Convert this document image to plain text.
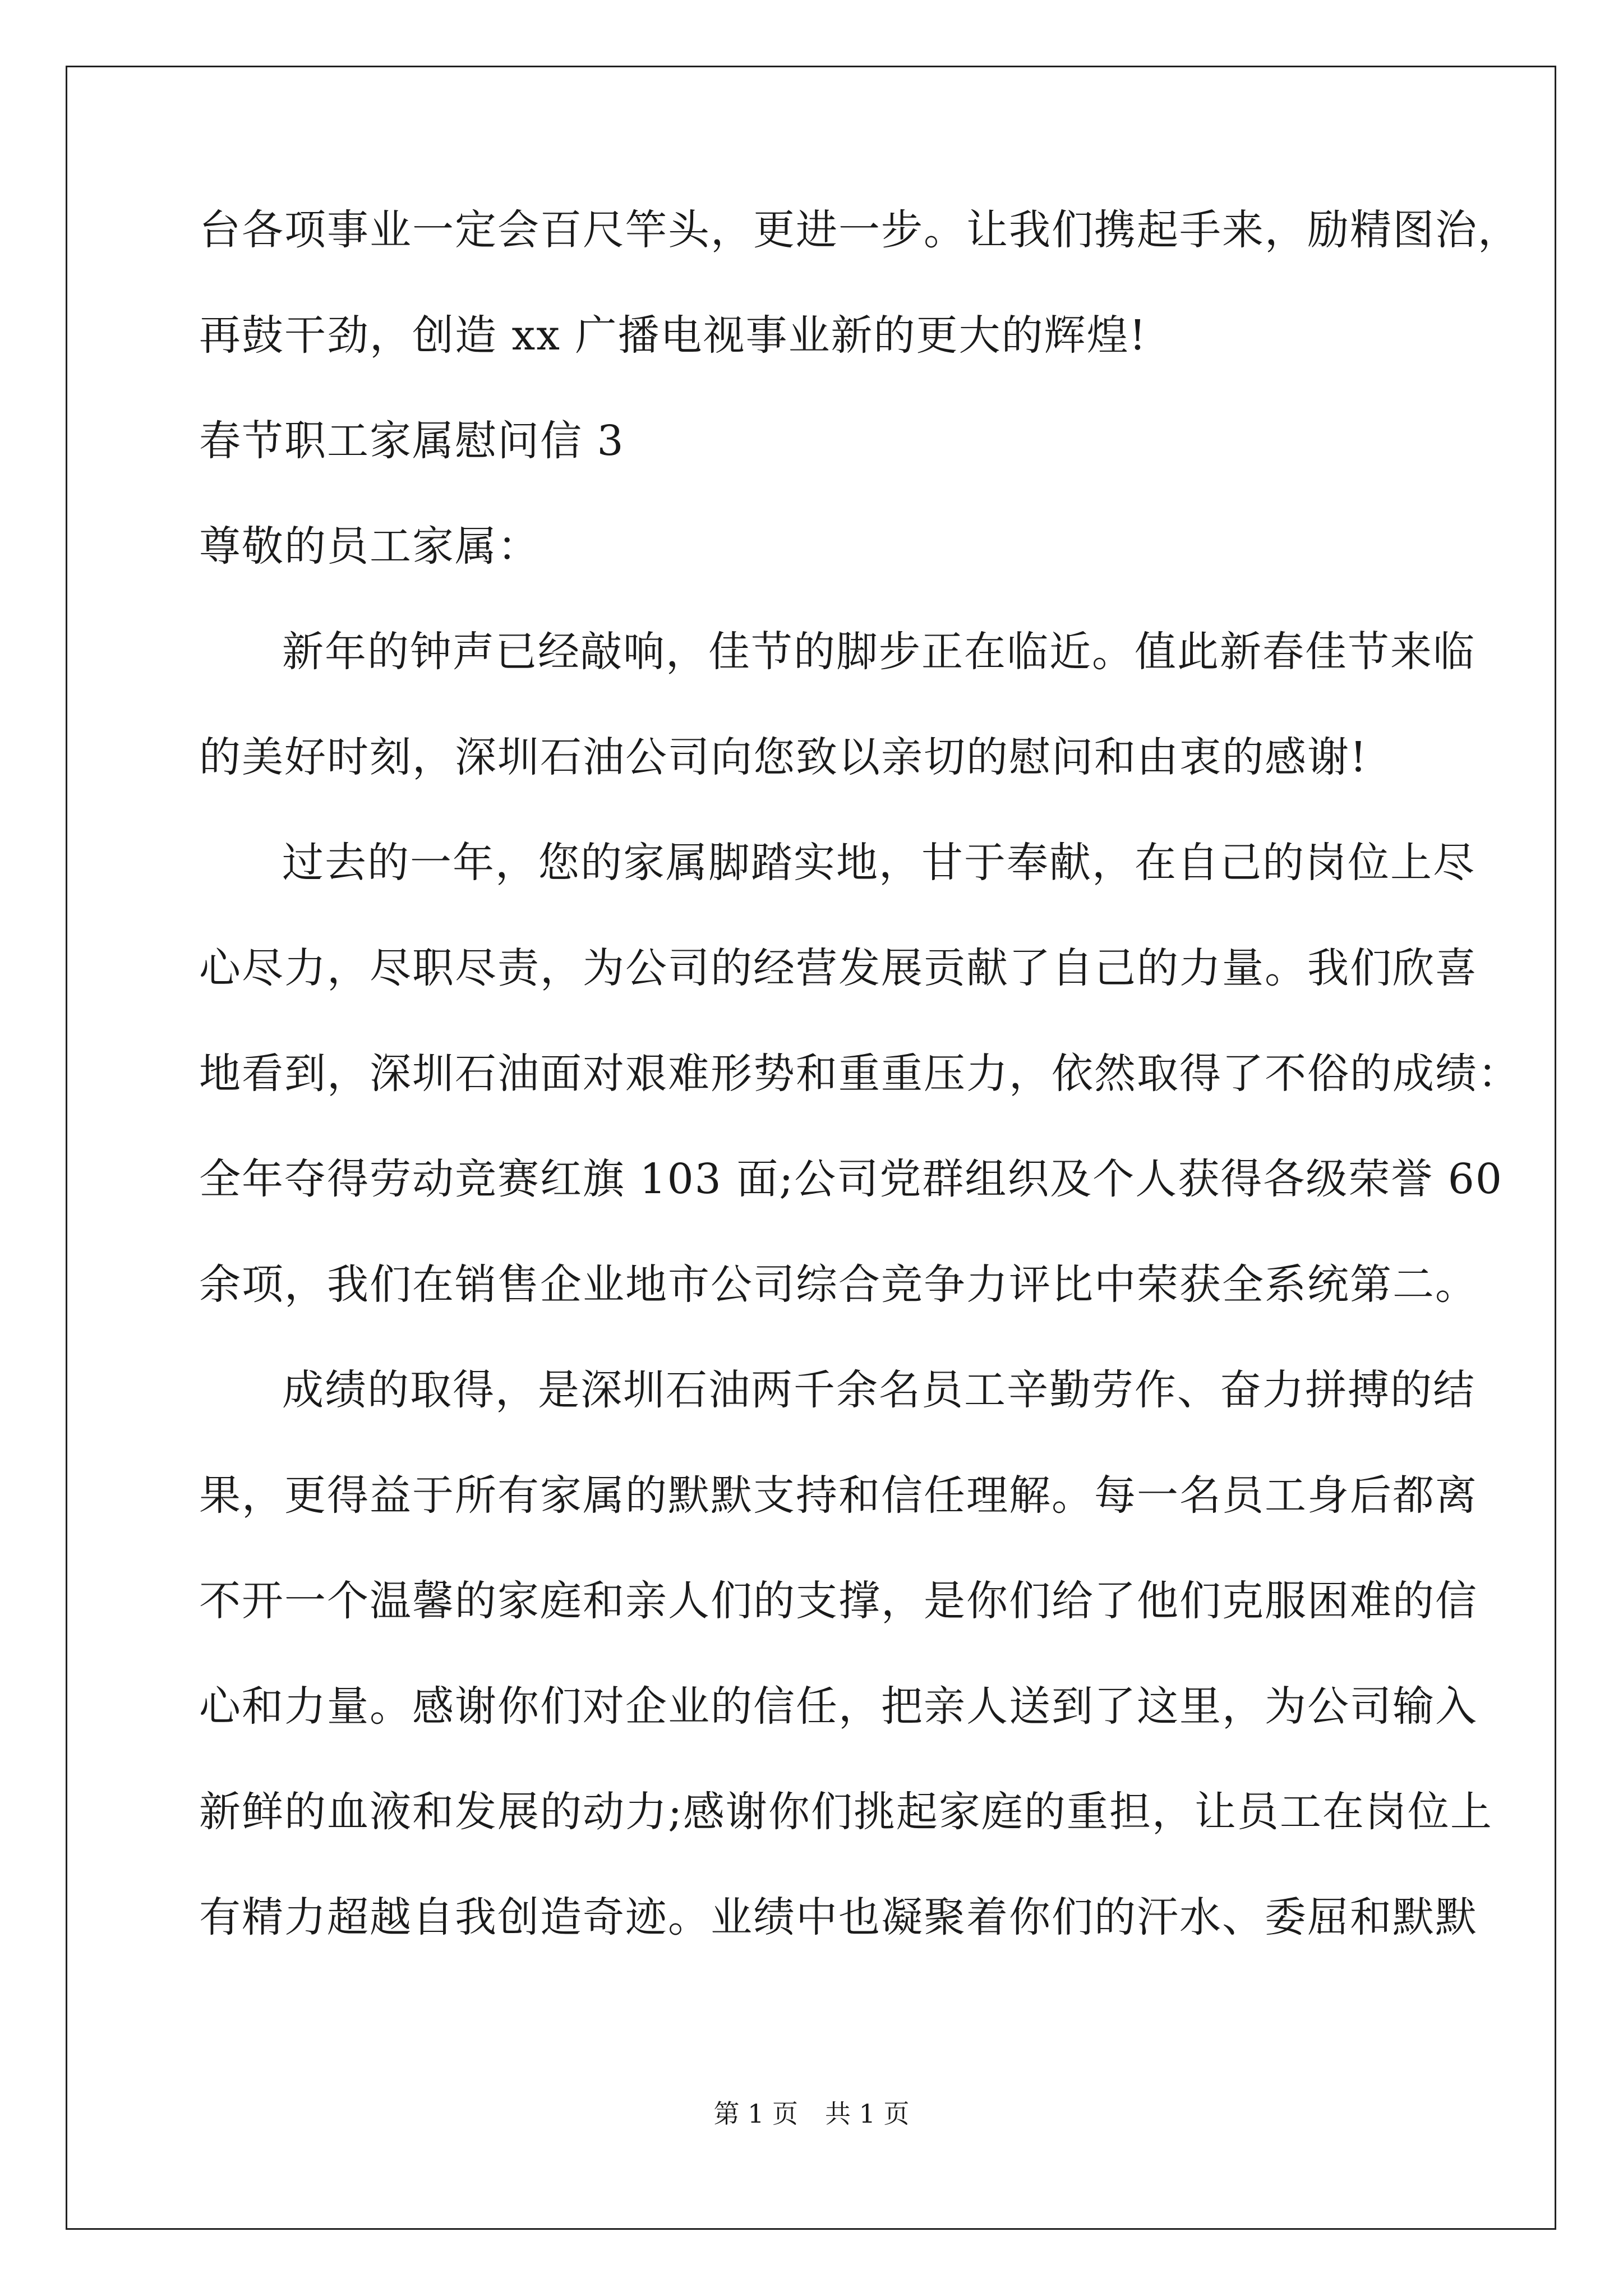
台各项事业一定会百尺竿头，更进一步。让我们携起手来，励精图治，

再鼓干劲，创造 xx 广播电视事业新的更大的辉煌!

春节职工家属慰问信 3

尊敬的员工家属：

新年的钟声已经敲响，佳节的脚步正在临近。值此新春佳节来临

的美好时刻，深圳石油公司向您致以亲切的慰问和由衷的感谢!

过去的一年，您的家属脚踏实地，甘于奉献，在自己的岗位上尽

心尽力，尽职尽责，为公司的经营发展贡献了自己的力量。我们欣喜

地看到，深圳石油面对艰难形势和重重压力，依然取得了不俗的成绩：

全年夺得劳动竞赛红旗 103 面;公司党群组织及个人获得各级荣誉 60

余项，我们在销售企业地市公司综合竞争力评比中荣获全系统第二。

成绩的取得，是深圳石油两千余名员工辛勤劳作、奋力拼搏的结

果，更得益于所有家属的默默支持和信任理解。每一名员工身后都离

不开一个温馨的家庭和亲人们的支撑，是你们给了他们克服困难的信

心和力量。感谢你们对企业的信任，把亲人送到了这里，为公司输入

新鲜的血液和发展的动力;感谢你们挑起家庭的重担，让员工在岗位上

有精力超越自我创造奇迹。业绩中也凝聚着你们的汗水、委屈和默默

第 1 页 共 1 页
